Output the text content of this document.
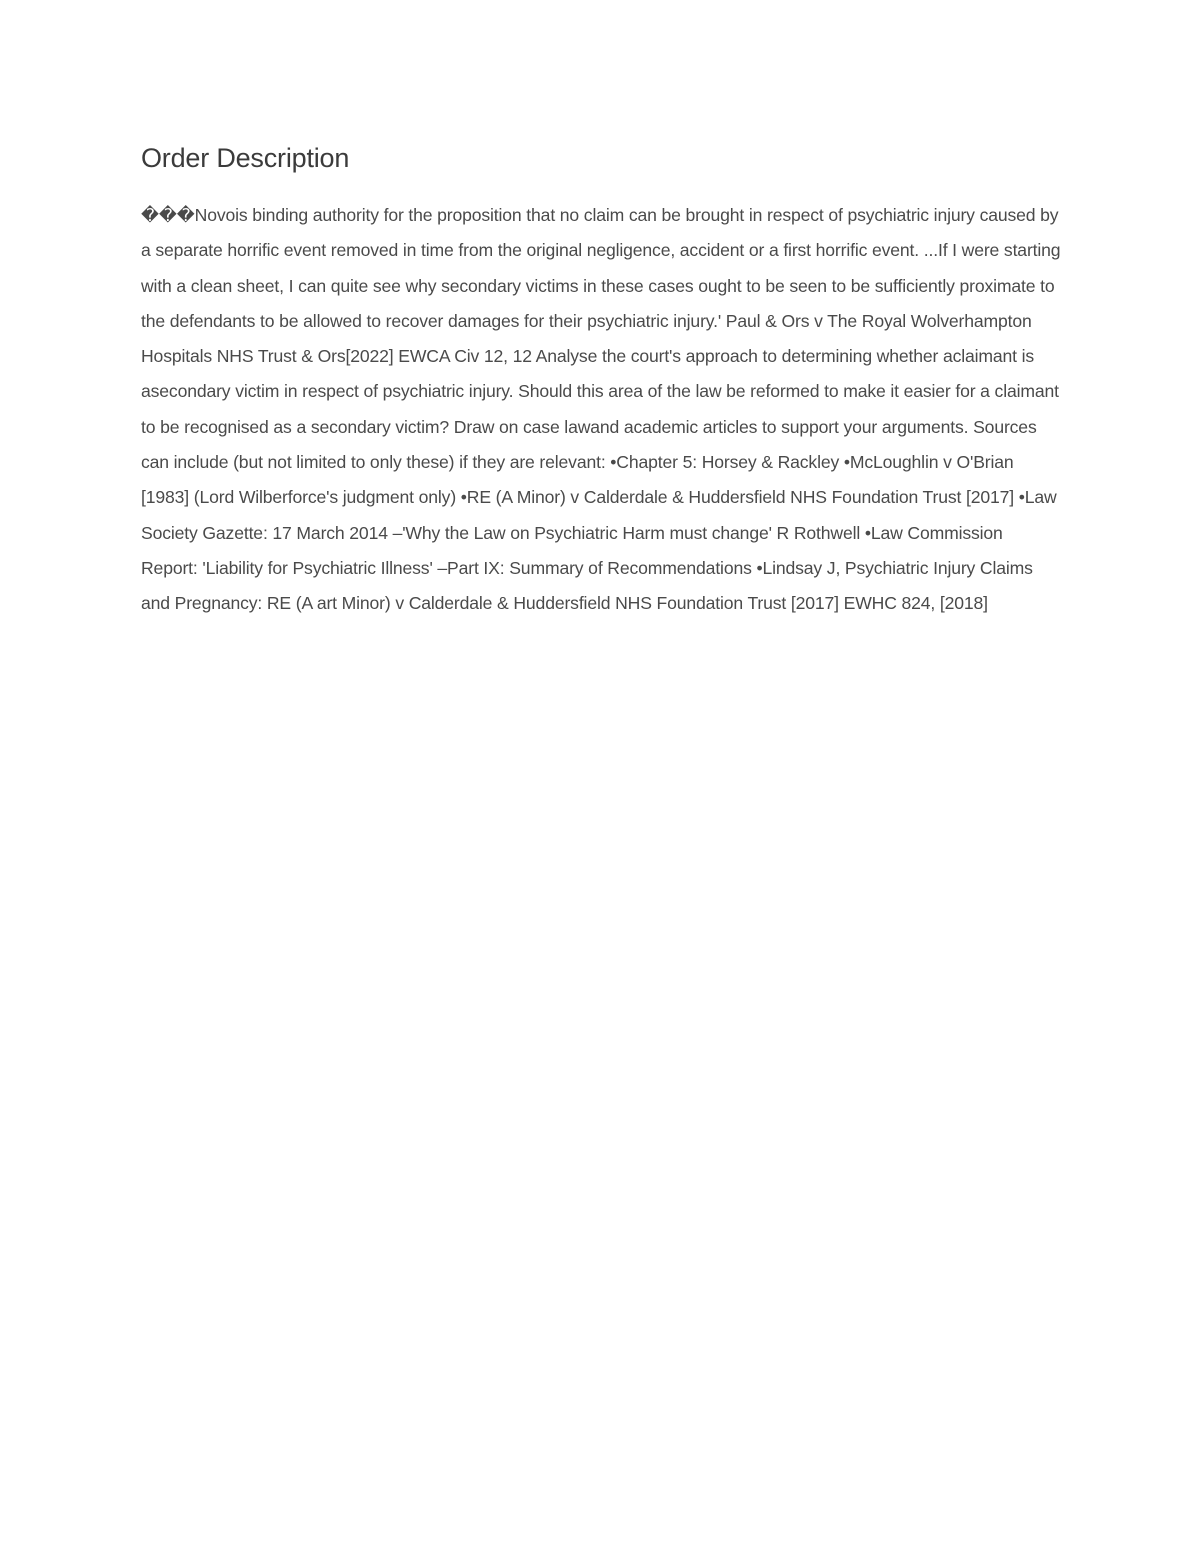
Order Description

���Novois binding authority for the proposition that no claim can be brought in respect of psychiatric injury caused by a separate horrific event removed in time from the original negligence, accident or a first horrific event. ...If I were starting with a clean sheet, I can quite see why secondary victims in these cases ought to be seen to be sufficiently proximate to the defendants to be allowed to recover damages for their psychiatric injury.' Paul & Ors v The Royal Wolverhampton Hospitals NHS Trust & Ors[2022] EWCA Civ 12, 12 Analyse the court's approach to determining whether aclaimant is asecondary victim in respect of psychiatric injury. Should this area of the law be reformed to make it easier for a claimant to be recognised as a secondary victim? Draw on case lawand academic articles to support your arguments. Sources can include (but not limited to only these) if they are relevant: •Chapter 5: Horsey & Rackley •McLoughlin v O'Brian [1983] (Lord Wilberforce's judgment only) •RE (A Minor) v Calderdale & Huddersfield NHS Foundation Trust [2017] •Law Society Gazette: 17 March 2014 –'Why the Law on Psychiatric Harm must change' R Rothwell •Law Commission Report: 'Liability for Psychiatric Illness' –Part IX: Summary of Recommendations •Lindsay J, Psychiatric Injury Claims and Pregnancy: RE (A art Minor) v Calderdale & Huddersfield NHS Foundation Trust [2017] EWHC 824, [2018]
